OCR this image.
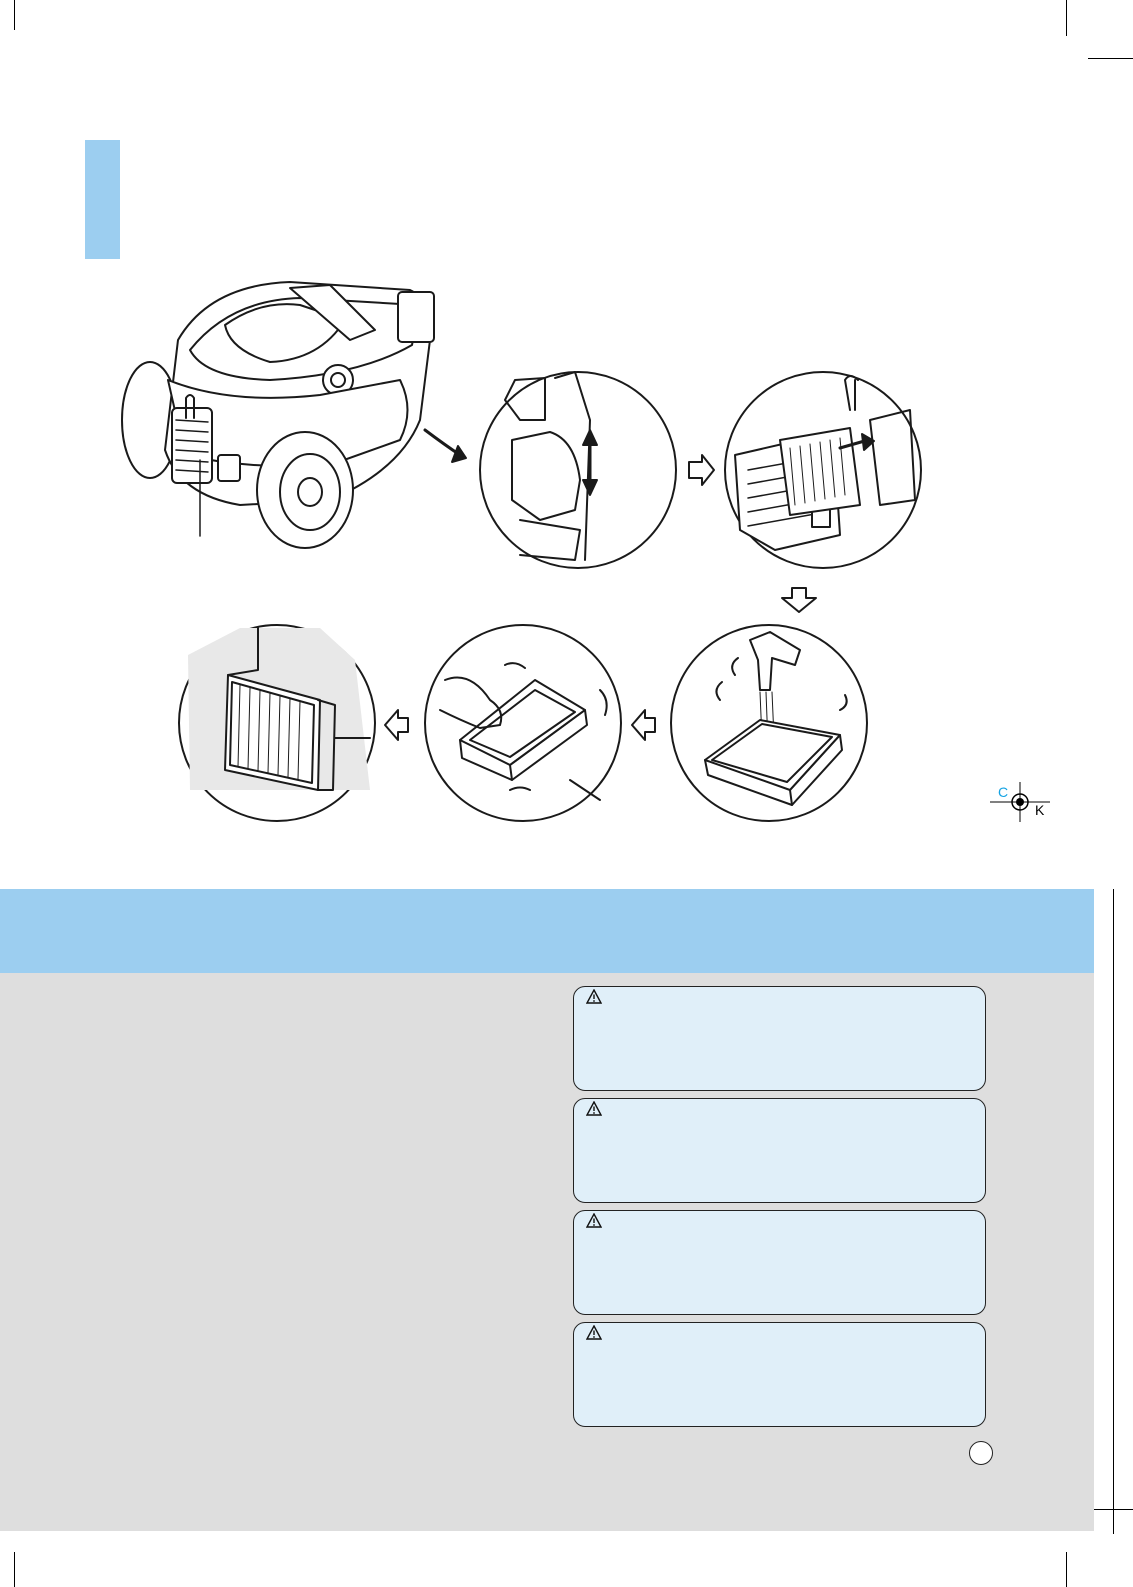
C
K
